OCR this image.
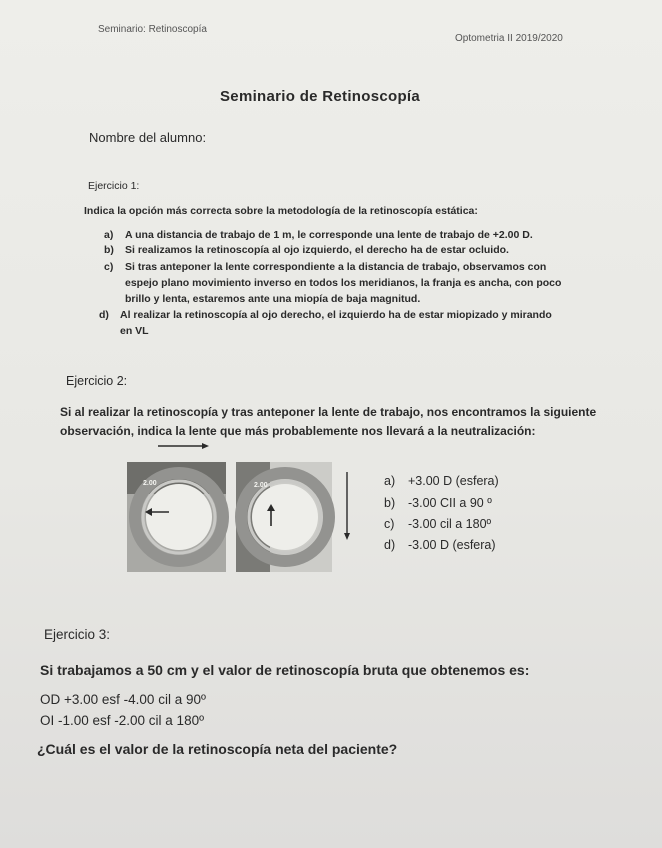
Seminario: Retinoscopía
Optometria II 2019/2020
Seminario de Retinoscopía
Nombre del alumno:
Ejercicio 1:
Indica la opción más correcta sobre la metodología de la retinoscopía estática:
a) A una distancia de trabajo de 1 m, le corresponde una lente de trabajo de +2.00 D.
b) Si realizamos la retinoscopía al ojo izquierdo, el derecho ha de estar ocluido.
c) Si tras anteponer la lente correspondiente a la distancia de trabajo, observamos con
espejo plano movimiento inverso en todos los meridianos, la franja es ancha, con poco
brillo y lenta, estaremos ante una miopía de baja magnitud.
d) Al realizar la retinoscopía al ojo derecho, el izquierdo ha de estar miopizado y mirando
en VL
Ejercicio 2:
Si al realizar la retinoscopía y tras anteponer la lente de trabajo, nos encontramos la siguiente
observación, indica la lente que más probablemente nos llevará a la neutralización:
2.00	2.00	a) +3.00 D (esfera)
b) -3.00 CII a 90 º
c) -3.00 cil a 180º
d) -3.00 D (esfera)
Ejercicio 3:
Si trabajamos a 50 cm y el valor de retinoscopía bruta que obtenemos es:
OD +3.00 esf -4.00 cil a 90º
OI -1.00 esf -2.00 cil a 180º
¿Cuál es el valor de la retinoscopía neta del paciente?
